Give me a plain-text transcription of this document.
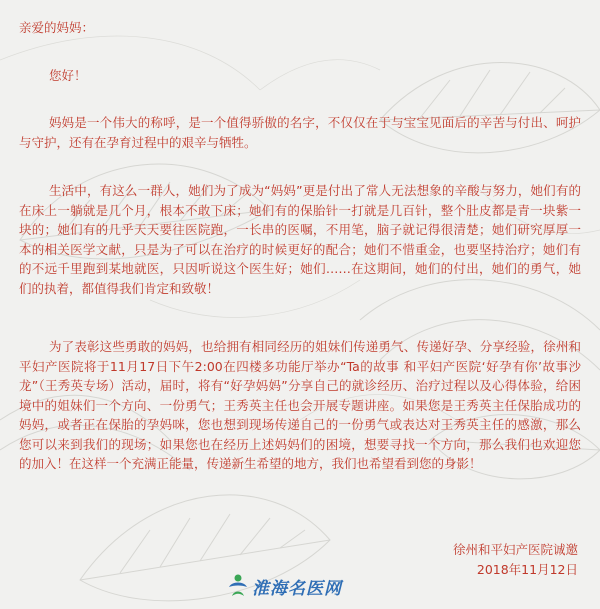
亲爱的妈妈：
您好！
妈妈是一个伟大的称呼，是一个值得骄傲的名字，不仅仅在于与宝宝见面后的辛苦与付出、呵护与守护，还有在孕育过程中的艰辛与牺牲。
生活中，有这么一群人，她们为了成为“妈妈”更是付出了常人无法想象的辛酸与努力，她们有的在床上一躺就是几个月，根本不敢下床；她们有的保胎针一打就是几百针，整个肚皮都是青一块紫一块的；她们有的几乎天天要往医院跑，一长串的医嘱，不用笔，脑子就记得很清楚；她们研究厚厚一本的相关医学文献，只是为了可以在治疗的时候更好的配合；她们不惜重金，也要坚持治疗；她们有的不远千里跑到某地就医，只因听说这个医生好；她们……在这期间，她们的付出，她们的勇气，她们的执着，都值得我们肯定和致敬！
为了表彰这些勇敢的妈妈，也给拥有相同经历的姐妹们传递勇气、传递好孕、分享经验，徐州和平妇产医院将于11月17日下午2:00在四楼多功能厅举办“Ta的故事 和平妇产医院‘好孕有你’故事沙龙”（王秀英专场）活动，届时，将有“好孕妈妈”分享自己的就诊经历、治疗过程以及心得体验，给困境中的姐妹们一个方向、一份勇气；王秀英主任也会开展专题讲座。如果您是王秀英主任保胎成功的妈妈，或者正在保胎的孕妈咪，您也想到现场传递自己的一份勇气或表达对王秀英主任的感激，那么您可以来到我们的现场；如果您也在经历上述妈妈们的困境，想要寻找一个方向，那么我们也欢迎您的加入！在这样一个充满正能量，传递新生希望的地方，我们也希望看到您的身影！
徐州和平妇产医院诚邀
2018年11月12日
淮海名医网
